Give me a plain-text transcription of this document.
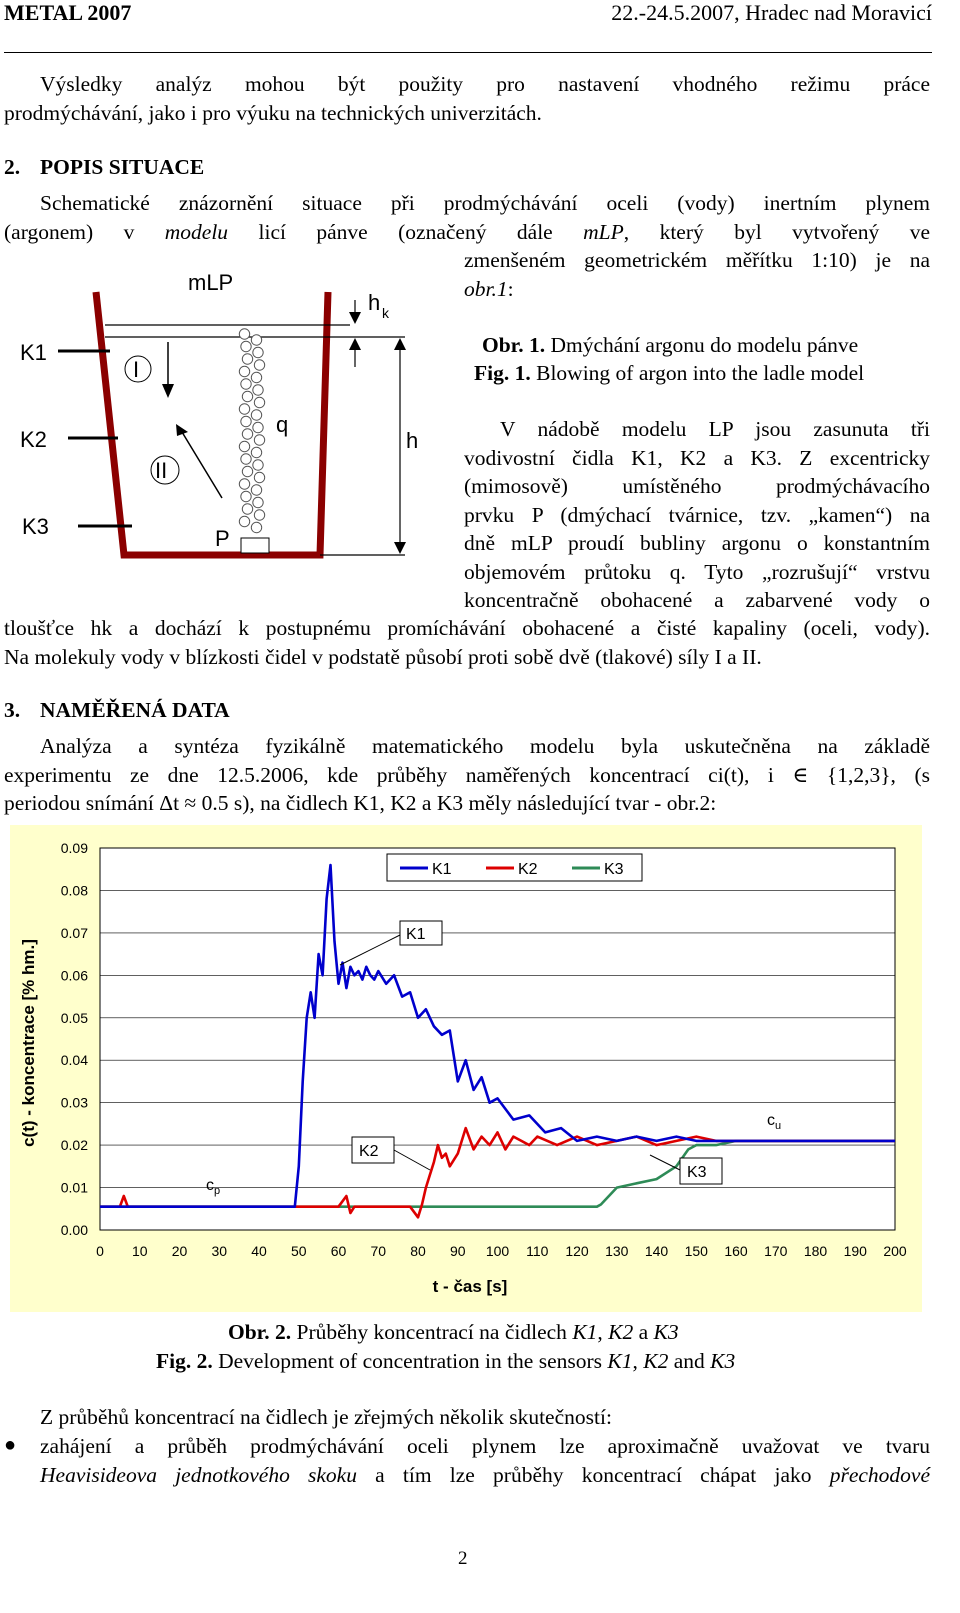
METAL 2007	22.-24.5.2007, Hradec nad Moravicí
Výsledky analýz mohou být použity pro nastavení vhodného režimu práce
prodmýchávání, jako i pro výuku na technických univerzitách.
2. POPIS SITUACE
Schematické znázornění situace při prodmýchávání oceli (vody) inertním plynem
(argonem) v modelu licí pánve (označený dále mLP, který byl vytvořený ve
zmenšeném geometrickém měřítku 1:10) je na
obr.1:
mLP
h k
K1
K2
K3
I
II
q
h
P
Obr. 1. Dmýchání argonu do modelu pánve
Fig. 1. Blowing of argon into the ladle model
V nádobě modelu LP jsou zasunuta tři
vodivostní čidla K1, K2 a K3. Z excentricky
(mimosově) umístěného prodmýchávacího
prvku P (dmýchací tvárnice, tzv. „kamen“) na
dně mLP proudí bubliny argonu o konstantním
objemovém průtoku q. Tyto „rozrušují“ vrstvu
koncentračně obohacené a zabarvené vody o
tloušťce hk a dochází k postupnému promíchávání obohacené a čisté kapaliny (oceli, vody).
Na molekuly vody v blízkosti čidel v podstatě působí proti sobě dvě (tlakové) síly I a II.
3. NAMĚŘENÁ DATA
Analýza a syntéza fyzikálně matematického modelu byla uskutečněna na základě
experimentu ze dne 12.5.2006, kde průběhy naměřených koncentrací ci(t), i ∈ {1,2,3}, (s
periodou snímání Δt ≈ 0.5 s), na čidlech K1, K2 a K3 měly následující tvar - obr.2:
0.00
0.01
0.02
0.03
0.04
0.05
0.06
0.07
0.08
0.09
0 10 20 30 40 50 60 70 80 90 100 110 120 130 140 150 160 170 180 190 200
t - čas [s]
c(t) - koncentrace [% hm.]
K1	K2	K3
K1
K2
K3
c p
c u
Obr. 2. Průběhy koncentrací na čidlech K1, K2 a K3
Fig. 2. Development of concentration in the sensors K1, K2 and K3
Z průběhů koncentrací na čidlech je zřejmých několik skutečností:
● zahájení a průběh prodmýchávání oceli plynem lze aproximačně uvažovat ve tvaru
Heavisideova jednotkového skoku a tím lze průběhy koncentrací chápat jako přechodové
2
